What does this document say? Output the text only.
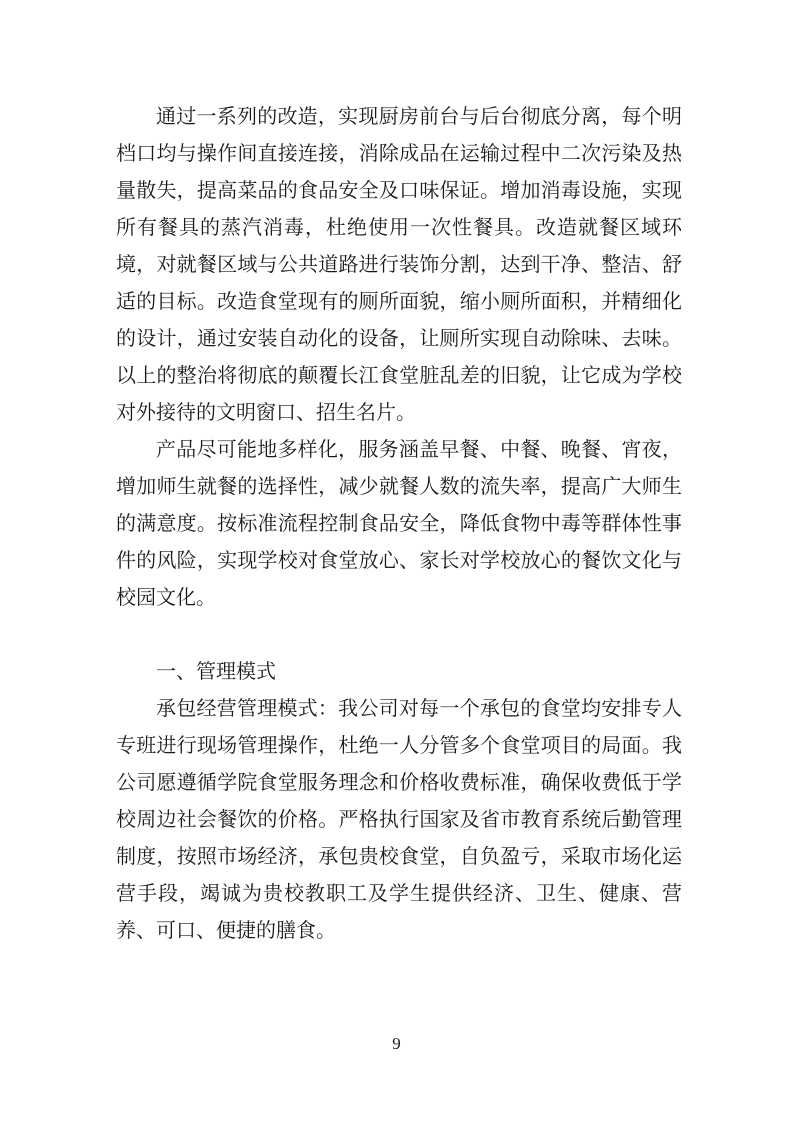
通过一系列的改造，实现厨房前台与后台彻底分离，每个明档口均与操作间直接连接，消除成品在运输过程中二次污染及热量散失，提高菜品的食品安全及口味保证。增加消毒设施，实现所有餐具的蒸汽消毒，杜绝使用一次性餐具。改造就餐区域环境，对就餐区域与公共道路进行装饰分割，达到干净、整洁、舒适的目标。改造食堂现有的厕所面貌，缩小厕所面积，并精细化的设计，通过安装自动化的设备，让厕所实现自动除味、去味。以上的整治将彻底的颠覆长江食堂脏乱差的旧貌，让它成为学校对外接待的文明窗口、招生名片。

产品尽可能地多样化，服务涵盖早餐、中餐、晚餐、宵夜，增加师生就餐的选择性，减少就餐人数的流失率，提高广大师生的满意度。按标准流程控制食品安全，降低食物中毒等群体性事件的风险，实现学校对食堂放心、家长对学校放心的餐饮文化与校园文化。

一、管理模式

承包经营管理模式：我公司对每一个承包的食堂均安排专人专班进行现场管理操作，杜绝一人分管多个食堂项目的局面。我公司愿遵循学院食堂服务理念和价格收费标准，确保收费低于学校周边社会餐饮的价格。严格执行国家及省市教育系统后勤管理制度，按照市场经济，承包贵校食堂，自负盈亏，采取市场化运营手段，竭诚为贵校教职工及学生提供经济、卫生、健康、营养、可口、便捷的膳食。

9
